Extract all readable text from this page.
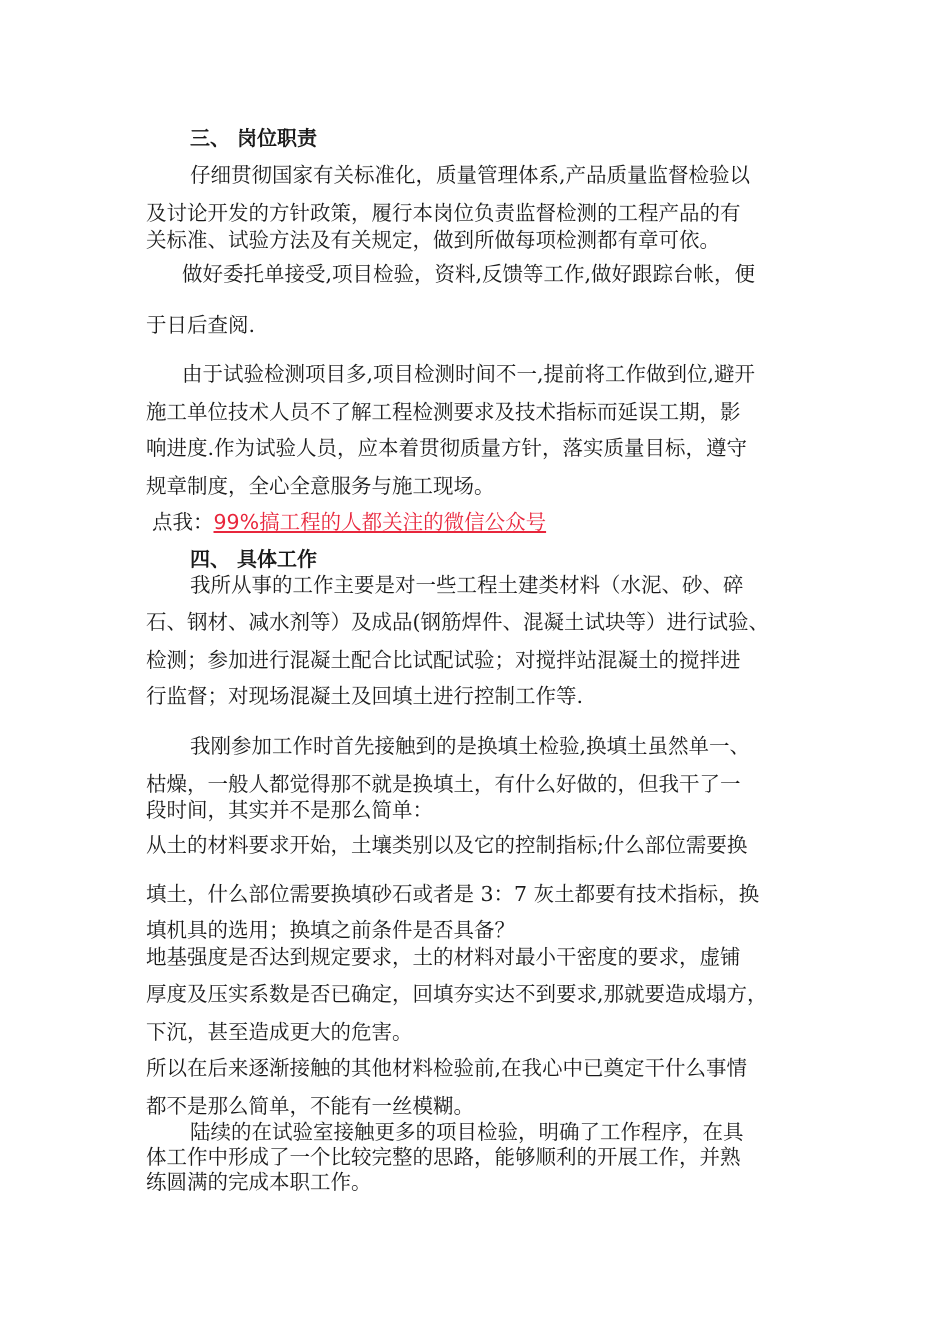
三、 岗位职责
仔细贯彻国家有关标准化，质量管理体系,产品质量监督检验以
及讨论开发的方针政策，履行本岗位负责监督检测的工程产品的有
关标准、试验方法及有关规定，做到所做每项检测都有章可依。
做好委托单接受,项目检验，资料,反馈等工作,做好跟踪台帐，便
于日后查阅.
由于试验检测项目多,项目检测时间不一,提前将工作做到位,避开
施工单位技术人员不了解工程检测要求及技术指标而延误工期，影
响进度.作为试验人员，应本着贯彻质量方针，落实质量目标，遵守
规章制度，全心全意服务与施工现场。
点我：99%搞工程的人都关注的微信公众号
四、 具体工作
我所从事的工作主要是对一些工程土建类材料（水泥、砂、碎
石、钢材、减水剂等）及成品(钢筋焊件、混凝土试块等）进行试验、
检测；参加进行混凝土配合比试配试验；对搅拌站混凝土的搅拌进
行监督；对现场混凝土及回填土进行控制工作等.
我刚参加工作时首先接触到的是换填土检验,换填土虽然单一、
枯燥，一般人都觉得那不就是换填土，有什么好做的，但我干了一
段时间，其实并不是那么简单：
从土的材料要求开始，土壤类别以及它的控制指标;什么部位需要换
填土，什么部位需要换填砂石或者是 3：7 灰土都要有技术指标，换
填机具的选用；换填之前条件是否具备？
地基强度是否达到规定要求，土的材料对最小干密度的要求，虚铺
厚度及压实系数是否已确定，回填夯实达不到要求,那就要造成塌方，
下沉，甚至造成更大的危害。
所以在后来逐渐接触的其他材料检验前,在我心中已奠定干什么事情
都不是那么简单，不能有一丝模糊。
陆续的在试验室接触更多的项目检验，明确了工作程序，在具
体工作中形成了一个比较完整的思路，能够顺利的开展工作，并熟
练圆满的完成本职工作。
